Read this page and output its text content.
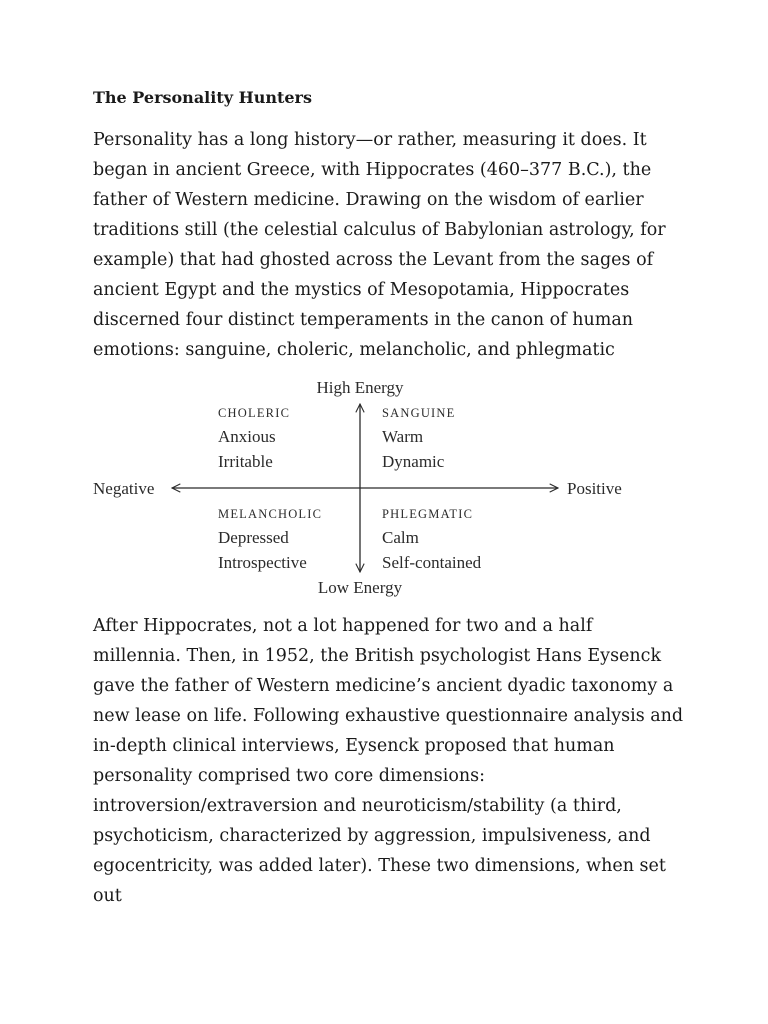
The Personality Hunters

Personality has a long history—or rather, measuring it does. It
began in ancient Greece, with Hippocrates (460–377 B.C.), the
father of Western medicine. Drawing on the wisdom of earlier
traditions still (the celestial calculus of Babylonian astrology, for
example) that had ghosted across the Levant from the sages of
ancient Egypt and the mystics of Mesopotamia, Hippocrates
discerned four distinct temperaments in the canon of human
emotions: sanguine, choleric, melancholic, and phlegmatic

High Energy
Low Energy
Negative	Positive
CHOLERIC
Anxious
Irritable
SANGUINE
Warm
Dynamic
MELANCHOLIC
Depressed
Introspective
PHLEGMATIC
Calm
Self-contained

After Hippocrates, not a lot happened for two and a half
millennia. Then, in 1952, the British psychologist Hans Eysenck
gave the father of Western medicine’s ancient dyadic taxonomy a
new lease on life. Following exhaustive questionnaire analysis and
in-depth clinical interviews, Eysenck proposed that human
personality comprised two core dimensions:
introversion/extraversion and neuroticism/stability (a third,
psychoticism, characterized by aggression, impulsiveness, and
egocentricity, was added later). These two dimensions, when set
out
